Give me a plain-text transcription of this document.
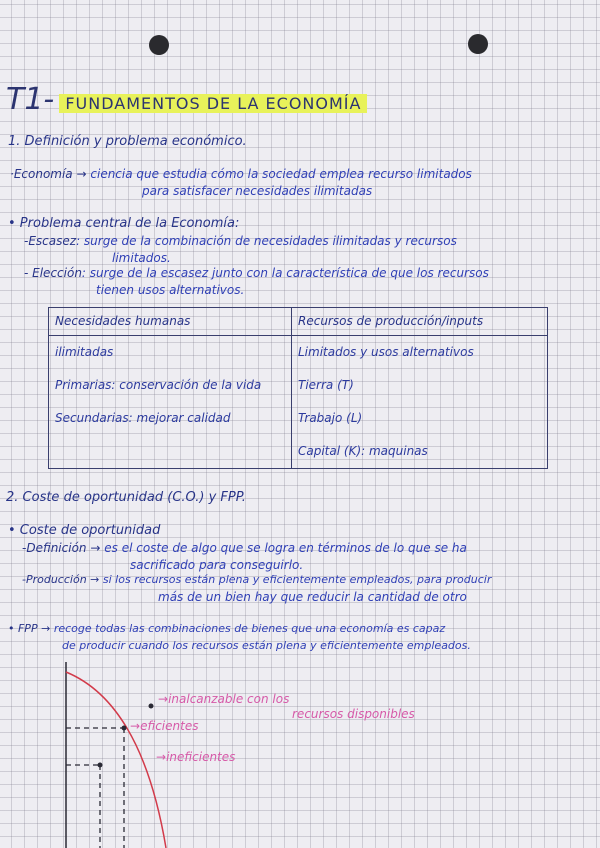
T1- FUNDAMENTOS DE LA ECONOMÍA
1. Definición y problema económico.
·Economía → ciencia que estudia cómo la sociedad emplea recurso limitados
para satisfacer necesidades ilimitadas
• Problema central de la Economía:
-Escasez: surge de la combinación de necesidades ilimitadas y recursos
limitados.
- Elección: surge de la escasez junto con la característica de que los recursos
tienen usos alternativos.
Necesidades humanas	Recursos de producción/inputs
ilimitadas	Limitados y usos alternativos
Primarias: conservación de la vida	Tierra (T)
Secundarias: mejorar calidad	Trabajo (L)
	Capital (K): maquinas
2. Coste de oportunidad (C.O.) y FPP.
• Coste de oportunidad
-Definición → es el coste de algo que se logra en términos de lo que se ha
sacrificado para conseguirlo.
-Producción → si los recursos están plena y eficientemente empleados, para producir
más de un bien hay que reducir la cantidad de otro
• FPP → recoge todas las combinaciones de bienes que una economía es capaz
de producir cuando los recursos están plena y eficientemente empleados.
→inalcanzable con los
recursos disponibles
→eficientes
→ineficientes
